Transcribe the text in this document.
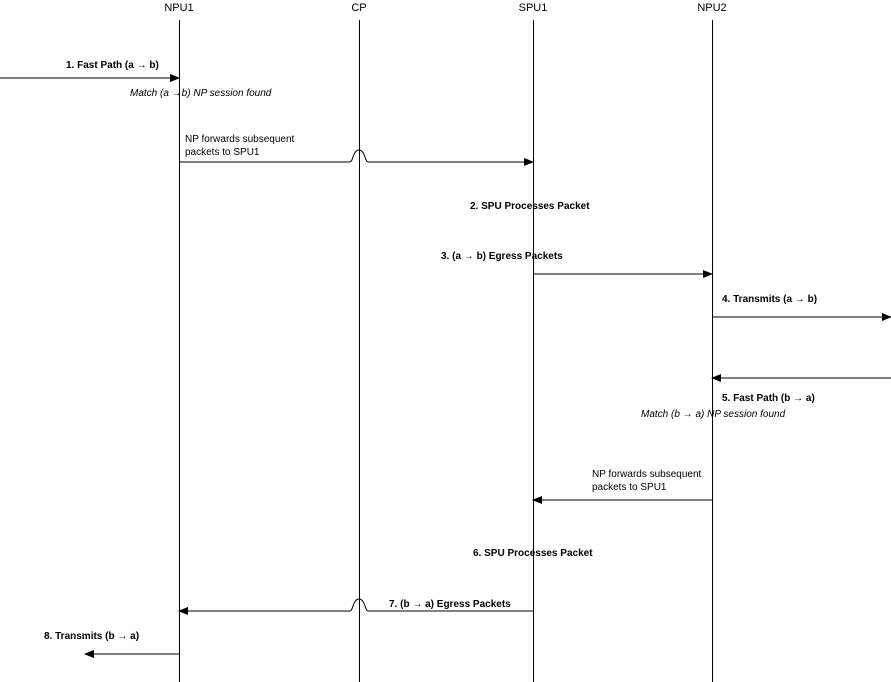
NPU1	CP	SPU1	NPU2
1. Fast Path (a → b)
Match (a →b) NP session found
NP forwards subsequent
packets to SPU1
2. SPU Processes Packet
3. (a → b) Egress Packets
4. Transmits (a → b)
5. Fast Path (b → a)
Match (b → a) NP session found
NP forwards subsequent
packets to SPU1
6. SPU Processes Packet
7. (b → a) Egress Packets
8. Transmits (b → a)
